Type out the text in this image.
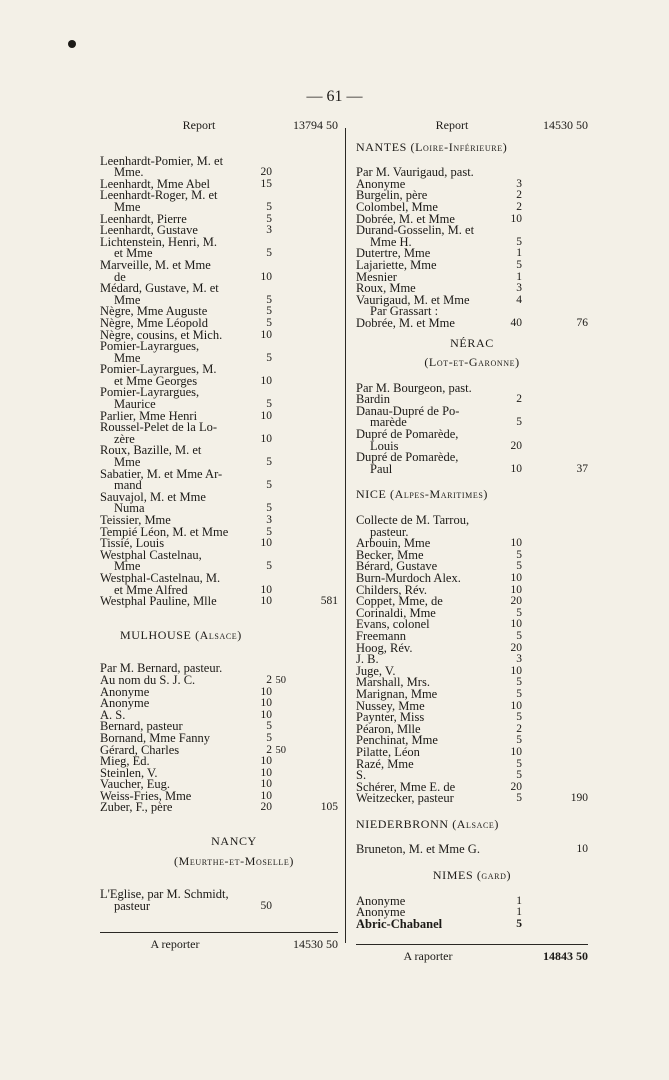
— 61 —
Report	13794 50
Leenhardt-Pomier, M. et
Mme.	20
Leenhardt, Mme Abel	15
Leenhardt-Roger, M. et
Mme	5
Leenhardt, Pierre	5
Leenhardt, Gustave	3
Lichtenstein, Henri, M.
et Mme	5
Marveille, M. et Mme
de	10
Médard, Gustave, M. et
Mme	5
Nègre, Mme Auguste	5
Nègre, Mme Léopold	5
Nègre, cousins, et Mich.	10
Pomier-Layrargues,
Mme	5
Pomier-Layrargues, M.
et Mme Georges	10
Pomier-Layrargues,
Maurice	5
Parlier, Mme Henri	10
Roussel-Pelet de la Lo-
zère	10
Roux, Bazille, M. et
Mme	5
Sabatier, M. et Mme Ar-
mand	5
Sauvajol, M. et Mme
Numa	5
Teissier, Mme	3
Tempié Léon, M. et Mme	5
Tissié, Louis	10
Westphal Castelnau,
Mme	5
Westphal-Castelnau, M.
et Mme Alfred	10
Westphal Pauline, Mlle	10	581
MULHOUSE (Alsace)
Par M. Bernard, pasteur.
Au nom du S. J. C.	2 50
Anonyme	10
Anonyme	10
A. S.	10
Bernard, pasteur	5
Bornand, Mme Fanny	5
Gérard, Charles	2 50
Mieg, Ed.	10
Steinlen, V.	10
Vaucher, Eug.	10
Weiss-Fries, Mme	10
Zuber, F., père	20	105
NANCY
(Meurthe-et-Moselle)
L'Eglise, par M. Schmidt,
pasteur	50
A reporter	14530 50
Report	14530 50
NANTES (Loire-Inférieure)
Par M. Vaurigaud, past.
Anonyme	3
Burgelin, père	2
Colombel, Mme	2
Dobrée, M. et Mme	10
Durand-Gosselin, M. et
Mme H.	5
Dutertre, Mme	1
Lajariette, Mme	5
Mesnier	1
Roux, Mme	3
Vaurigaud, M. et Mme	4
Par Grassart :
Dobrée, M. et Mme	40	76
NÉRAC
(Lot-et-Garonne)
Par M. Bourgeon, past.
Bardin	2
Danau-Dupré de Po-
marède	5
Dupré de Pomarède,
Louis	20
Dupré de Pomarède,
Paul	10	37
NICE (Alpes-Maritimes)
Collecte de M. Tarrou,
pasteur.
Arbouin, Mme	10
Becker, Mme	5
Bérard, Gustave	5
Burn-Murdoch Alex.	10
Childers, Rév.	10
Coppet, Mme, de	20
Corinaldi, Mme	5
Evans, colonel	10
Freemann	5
Hoog, Rév.	20
J. B.	3
Juge, V.	10
Marshall, Mrs.	5
Marignan, Mme	5
Nussey, Mme	10
Paynter, Miss	5
Péaron, Mlle	2
Penchinat, Mme	5
Pilatte, Léon	10
Razé, Mme	5
S.	5
Schérer, Mme E. de	20
Weitzecker, pasteur	5	190
NIEDERBRONN (Alsace)
Bruneton, M. et Mme G.	10
NIMES (gard)
Anonyme	1
Anonyme	1
Abric-Chabanel	5
A raporter	14843 50
